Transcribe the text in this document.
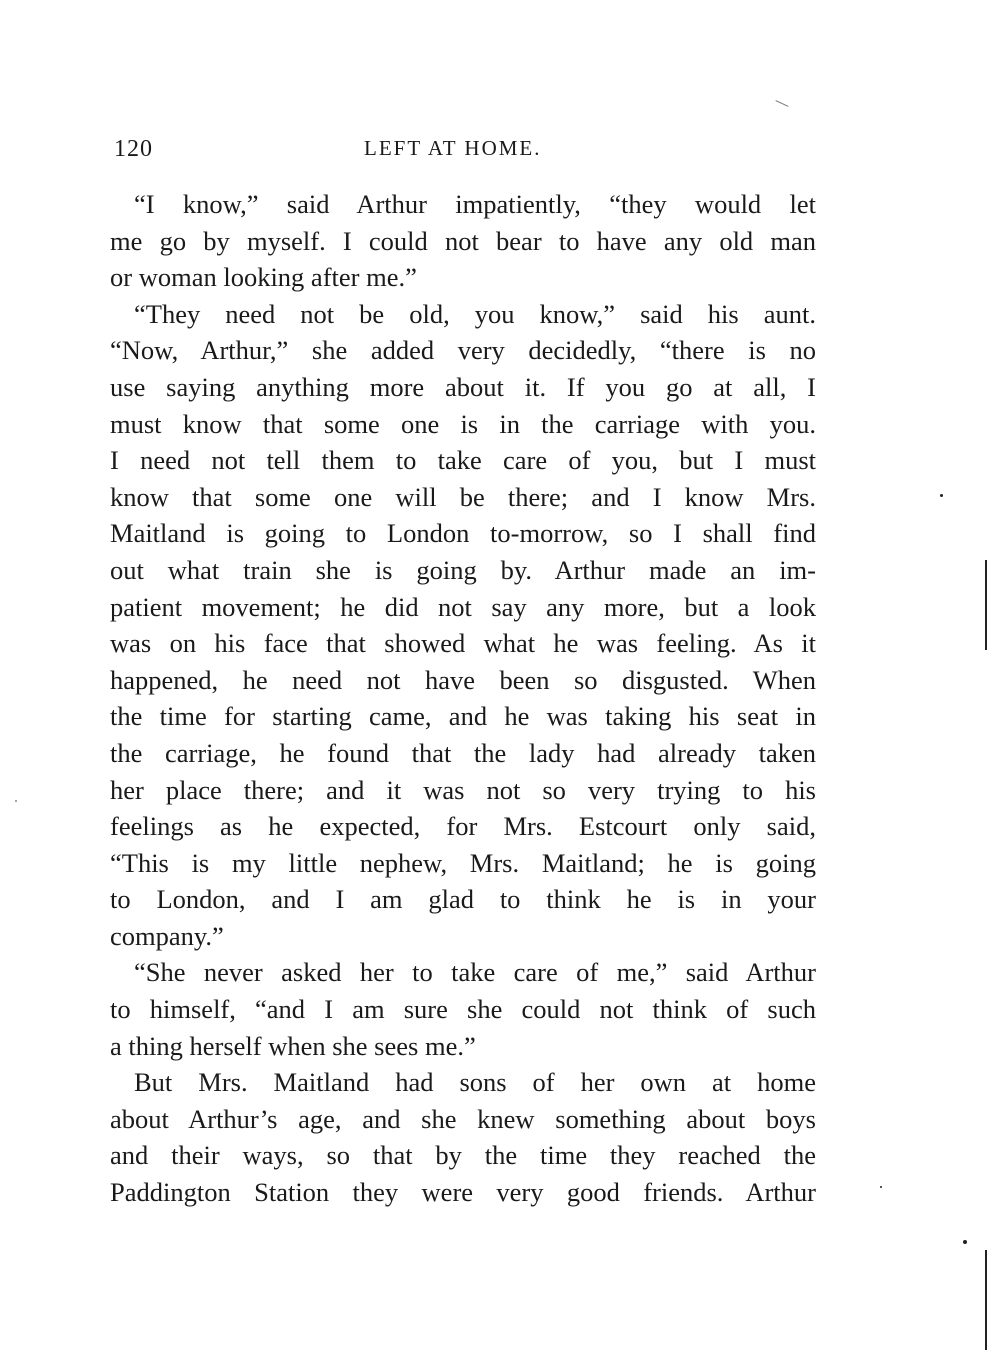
120	LEFT AT HOME.
“I know,” said Arthur impatiently, “they would let
me go by myself. I could not bear to have any old man
or woman looking after me.”
“They need not be old, you know,” said his aunt.
“Now, Arthur,” she added very decidedly, “there is no
use saying anything more about it. If you go at all, I
must know that some one is in the carriage with you.
I need not tell them to take care of you, but I must
know that some one will be there; and I know Mrs.
Maitland is going to London to-morrow, so I shall find
out what train she is going by. Arthur made an im-
patient movement; he did not say any more, but a look
was on his face that showed what he was feeling. As it
happened, he need not have been so disgusted. When
the time for starting came, and he was taking his seat in
the carriage, he found that the lady had already taken
her place there; and it was not so very trying to his
feelings as he expected, for Mrs. Estcourt only said,
“This is my little nephew, Mrs. Maitland; he is going
to London, and I am glad to think he is in your
company.”
“She never asked her to take care of me,” said Arthur
to himself, “and I am sure she could not think of such
a thing herself when she sees me.”
But Mrs. Maitland had sons of her own at home
about Arthur’s age, and she knew something about boys
and their ways, so that by the time they reached the
Paddington Station they were very good friends. Arthur
